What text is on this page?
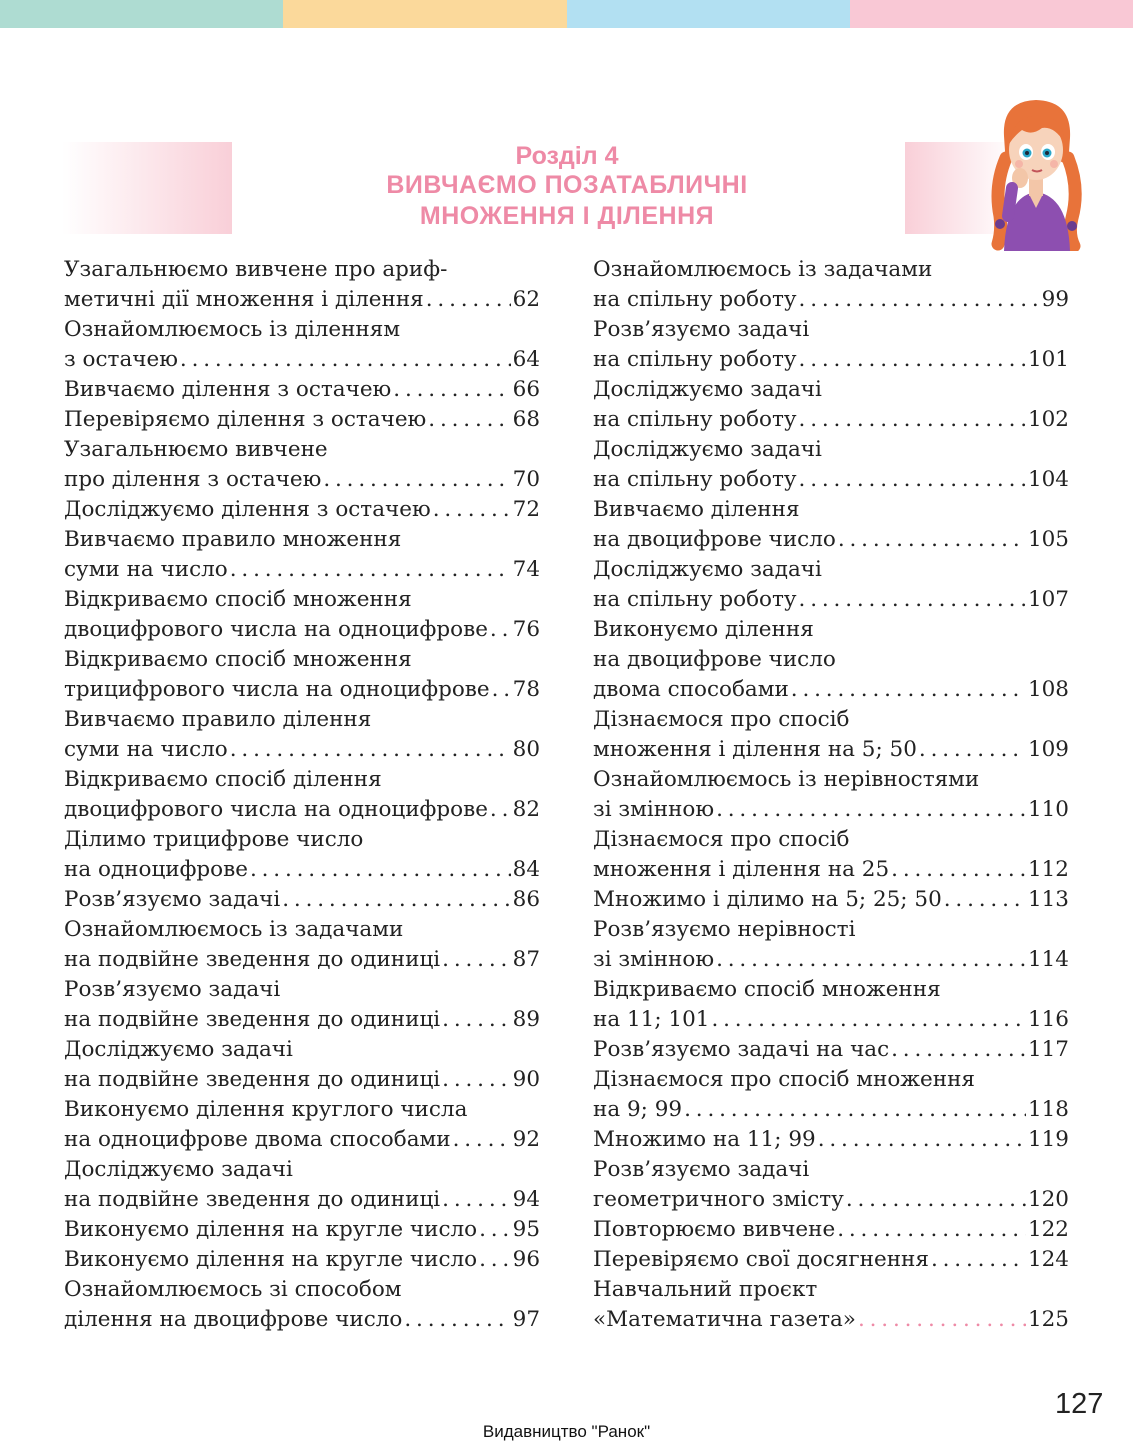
Розділ 4
ВИВЧАЄМО ПОЗАТАБЛИЧНІ
МНОЖЕННЯ І ДІЛЕННЯ
Узагальнюємо вивчене про ариф-
метичні дії множення і ділення . . .	62
Ознайомлюємось із діленням
з остачею . . .	64
Вивчаємо ділення з остачею . . .	66
Перевіряємо ділення з остачею . . .	68
Узагальнюємо вивчене
про ділення з остачею . . .	70
Досліджуємо ділення з остачею . . .	72
Вивчаємо правило множення
суми на число . . .	74
Відкриваємо спосіб множення
двоцифрового числа на одноцифрове . . . 76
Відкриваємо спосіб множення
трицифрового числа на одноцифрове . . . 78
Вивчаємо правило ділення
суми на число . . .	80
Відкриваємо спосіб ділення
двоцифрового числа на одноцифрове . . . 82
Ділимо трицифрове число
на одноцифрове . . .	84
Розв’язуємо задачі . . .	86
Ознайомлюємось із задачами
на подвійне зведення до одиниці . . .	87
Розв’язуємо задачі
на подвійне зведення до одиниці . . .	89
Досліджуємо задачі
на подвійне зведення до одиниці . . .	90
Виконуємо ділення круглого числа
на одноцифрове двома способами . . .	92
Досліджуємо задачі
на подвійне зведення до одиниці . . .	94
Виконуємо ділення на кругле число . . . 95
Виконуємо ділення на кругле число . . . 96
Ознайомлюємось зі способом
ділення на двоцифрове число . . .	97
Ознайомлюємось із задачами
на спільну роботу . . .	99
Розв’язуємо задачі
на спільну роботу . . .	101
Досліджуємо задачі
на спільну роботу . . .	102
Досліджуємо задачі
на спільну роботу . . .	104
Вивчаємо ділення
на двоцифрове число . . .	105
Досліджуємо задачі
на спільну роботу . . .	107
Виконуємо ділення
на двоцифрове число
двома способами . . .	108
Дізнаємося про спосіб
множення і ділення на 5; 50 . . .	109
Ознайомлюємось із нерівностями
зі змінною . . .	110
Дізнаємося про спосіб
множення і ділення на 25 . . .	112
Множимо і ділимо на 5; 25; 50 . . .	113
Розв’язуємо нерівності
зі змінною . . .	114
Відкриваємо спосіб множення
на 11; 101 . . .	116
Розв’язуємо задачі на час . . .	117
Дізнаємося про спосіб множення
на 9; 99 . . .	118
Множимо на 11; 99 . . .	119
Розв’язуємо задачі
геометричного змісту . . .	120
Повторюємо вивчене . . .	122
Перевіряємо свої досягнення . . .	124
Навчальний проєкт
«Математична газета» . . .	125
127
Видавництво "Ранок"
